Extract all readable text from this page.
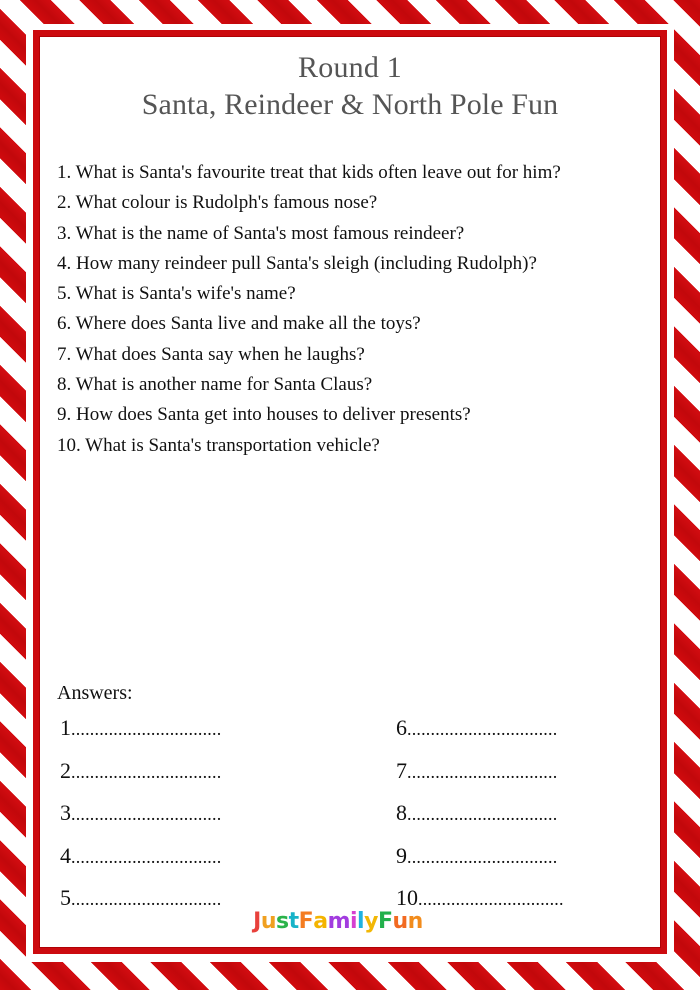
Round 1
Santa, Reindeer & North Pole Fun
1. What is Santa's favourite treat that kids often leave out for him?
2. What colour is Rudolph's famous nose?
3. What is the name of Santa's most famous reindeer?
4. How many reindeer pull Santa's sleigh (including Rudolph)?
5. What is Santa's wife's name?
6. Where does Santa live and make all the toys?
7. What does Santa say when he laughs?
8. What is another name for Santa Claus?
9. How does Santa get into houses to deliver presents?
10. What is Santa's transportation vehicle?
Answers:
1 ................................
2 ................................
3 ................................
4 ................................
5 ................................
6 ................................
7 ................................
8 ................................
9 ................................
10 ...............................
JustFamilyFun
